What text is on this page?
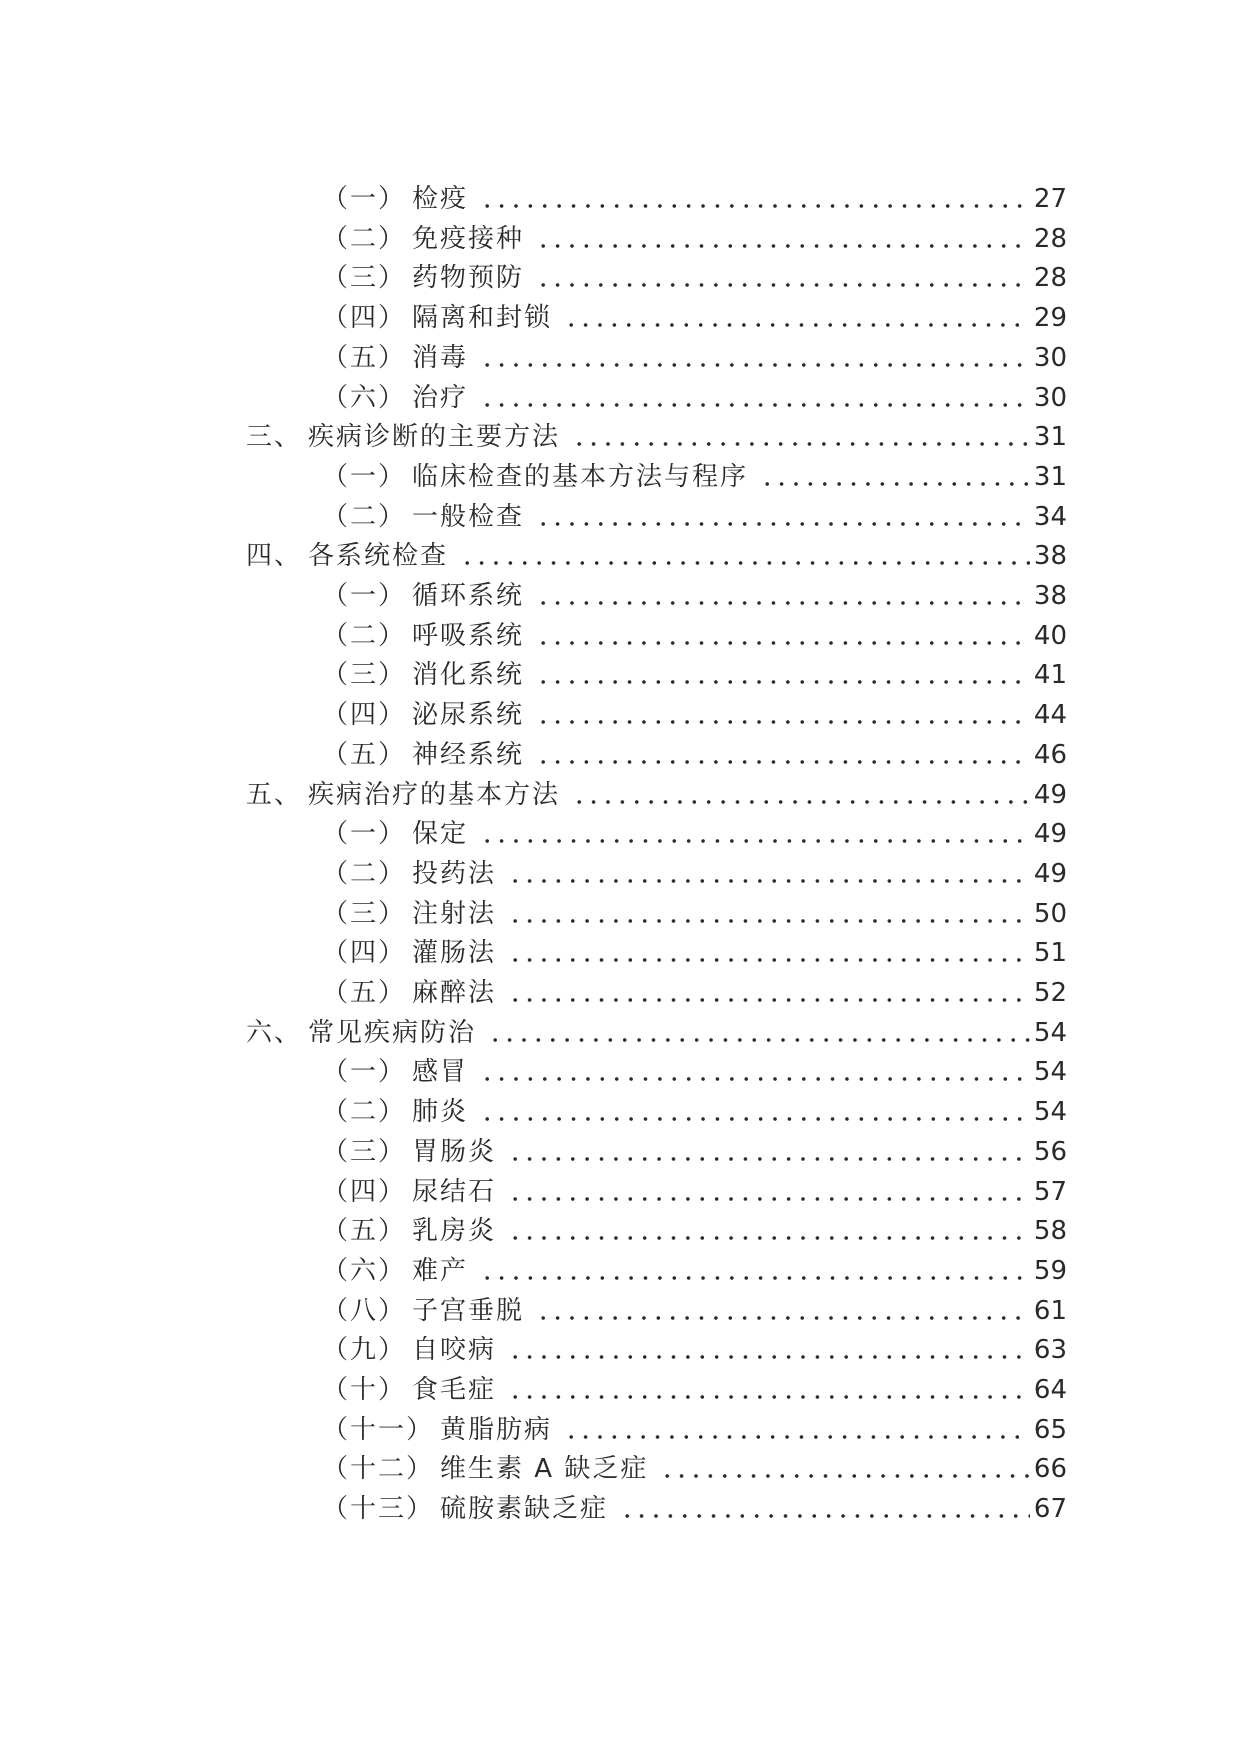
（一） 检疫	27
（二） 免疫接种	28
（三） 药物预防	28
（四） 隔离和封锁	29
（五） 消毒	30
（六） 治疗	30
三、 疾病诊断的主要方法	31
（一） 临床检查的基本方法与程序	31
（二） 一般检查	34
四、 各系统检查	38
（一） 循环系统	38
（二） 呼吸系统	40
（三） 消化系统	41
（四） 泌尿系统	44
（五） 神经系统	46
五、 疾病治疗的基本方法	49
（一） 保定	49
（二） 投药法	49
（三） 注射法	50
（四） 灌肠法	51
（五） 麻醉法	52
六、 常见疾病防治	54
（一） 感冒	54
（二） 肺炎	54
（三） 胃肠炎	56
（四） 尿结石	57
（五） 乳房炎	58
（六） 难产	59
（八） 子宫垂脱	61
（九） 自咬病	63
（十） 食毛症	64
（十一） 黄脂肪病	65
（十二） 维生素 A 缺乏症	66
（十三） 硫胺素缺乏症	67
